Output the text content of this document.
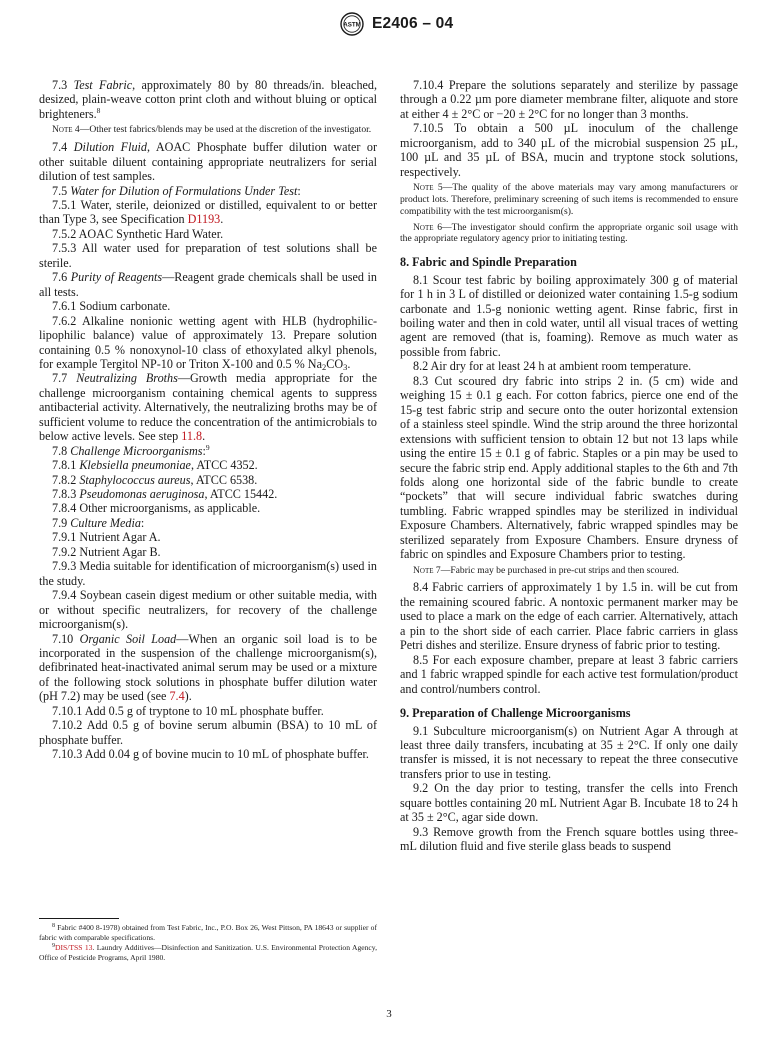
ASTM E2406 – 04

7.3 Test Fabric, approximately 80 by 80 threads/in. bleached, desized, plain-weave cotton print cloth and without bluing or optical brighteners.$^8$

Note 4—Other test fabrics/blends may be used at the discretion of the investigator.

7.4 Dilution Fluid, AOAC Phosphate buffer dilution water or other suitable diluent containing appropriate neutralizers for serial dilution of test samples.

7.5 Water for Dilution of Formulations Under Test:

7.5.1 Water, sterile, deionized or distilled, equivalent to or better than Type 3, see Specification D1193.

7.5.2 AOAC Synthetic Hard Water.

7.5.3 All water used for preparation of test solutions shall be sterile.

7.6 Purity of Reagents—Reagent grade chemicals shall be used in all tests.

7.6.1 Sodium carbonate.

7.6.2 Alkaline nonionic wetting agent with HLB (hydrophilic-lipophilic balance) value of approximately 13. Prepare solution containing 0.5 % nonoxynol-10 class of ethoxylated alkyl phenols, for example Tergitol NP-10 or Triton X-100 and 0.5 % $Na_2CO_3$.

7.7 Neutralizing Broths—Growth media appropriate for the challenge microorganism containing chemical agents to suppress antibacterial activity. Alternatively, the neutralizing broths may be of sufficient volume to reduce the concentration of the antimicrobials to below active levels. See step 11.8.

7.8 Challenge Microorganisms:$^9$

7.8.1 Klebsiella pneumoniae, ATCC 4352.

7.8.2 Staphylococcus aureus, ATCC 6538.

7.8.3 Pseudomonas aeruginosa, ATCC 15442.

7.8.4 Other microorganisms, as applicable.

7.9 Culture Media:

7.9.1 Nutrient Agar A.

7.9.2 Nutrient Agar B.

7.9.3 Media suitable for identification of microorganism(s) used in the study.

7.9.4 Soybean casein digest medium or other suitable media, with or without specific neutralizers, for recovery of the challenge microorganism(s).

7.10 Organic Soil Load—When an organic soil load is to be incorporated in the suspension of the challenge microorganism(s), defibrinated heat-inactivated animal serum may be used or a mixture of the following stock solutions in phosphate buffer dilution water (pH 7.2) may be used (see 7.4).

7.10.1 Add 0.5 g of tryptone to 10 mL phosphate buffer.

7.10.2 Add 0.5 g of bovine serum albumin (BSA) to 10 mL of phosphate buffer.

7.10.3 Add 0.04 g of bovine mucin to 10 mL of phosphate buffer.

7.10.4 Prepare the solutions separately and sterilize by passage through a 0.22 µm pore diameter membrane filter, aliquote and store at either 4 ± 2°C or −20 ± 2°C for no longer than 3 months.

7.10.5 To obtain a 500 µL inoculum of the challenge microorganism, add to 340 µL of the microbial suspension 25 µL, 100 µL and 35 µL of BSA, mucin and tryptone stock solutions, respectively.

Note 5—The quality of the above materials may vary among manufacturers or product lots. Therefore, preliminary screening of such items is recommended to ensure compatibility with the test microorganism(s).

Note 6—The investigator should confirm the appropriate organic soil usage with the appropriate regulatory agency prior to initiating testing.

8. Fabric and Spindle Preparation

8.1 Scour test fabric by boiling approximately 300 g of material for 1 h in 3 L of distilled or deionized water containing 1.5-g sodium carbonate and 1.5-g nonionic wetting agent. Rinse fabric, first in boiling water and then in cold water, until all visual traces of wetting agent are removed (that is, foaming). Remove as much water as possible from fabric.

8.2 Air dry for at least 24 h at ambient room temperature.

8.3 Cut scoured dry fabric into strips 2 in. (5 cm) wide and weighing 15 ± 0.1 g each. For cotton fabrics, pierce one end of the 15-g test fabric strip and secure onto the outer horizontal extension of a stainless steel spindle. Wind the strip around the three horizontal extensions with sufficient tension to obtain 12 but not 13 laps while using the entire 15 ± 0.1 g of fabric. Staples or a pin may be used to secure the fabric strip end. Apply additional staples to the 6th and 7th folds along one horizontal side of the fabric bundle to create “pockets” that will secure individual fabric swatches during tumbling. Fabric wrapped spindles may be sterilized in individual Exposure Chambers. Alternatively, fabric wrapped spindles may be sterilized separately from Exposure Chambers. Ensure dryness of fabric on spindles and Exposure Chambers prior to testing.

Note 7—Fabric may be purchased in pre-cut strips and then scoured.

8.4 Fabric carriers of approximately 1 by 1.5 in. will be cut from the remaining scoured fabric. A nontoxic permanent marker may be used to place a mark on the edge of each carrier. Alternatively, attach a pin to the short side of each carrier. Place fabric carriers in glass Petri dishes and sterilize. Ensure dryness of fabric prior to testing.

8.5 For each exposure chamber, prepare at least 3 fabric carriers and 1 fabric wrapped spindle for each active test formulation/product and control/numbers control.

9. Preparation of Challenge Microorganisms

9.1 Subculture microorganism(s) on Nutrient Agar A through at least three daily transfers, incubating at 35 ± 2°C. If only one daily transfer is missed, it is not necessary to repeat the three consecutive transfers prior to use in testing.

9.2 On the day prior to testing, transfer the cells into French square bottles containing 20 mL Nutrient Agar B. Incubate 18 to 24 h at 35 ± 2°C, agar side down.

9.3 Remove growth from the French square bottles using three-mL dilution fluid and five sterile glass beads to suspend

$^8$ Fabric #400 8-1978) obtained from Test Fabric, Inc., P.O. Box 26, West Pittson, PA 18643 or supplier of fabric with comparable specifications.

$^9$DIS/TSS 13. Laundry Additives—Disinfection and Sanitization. U.S. Environmental Protection Agency, Office of Pesticide Programs, April 1980.

3
